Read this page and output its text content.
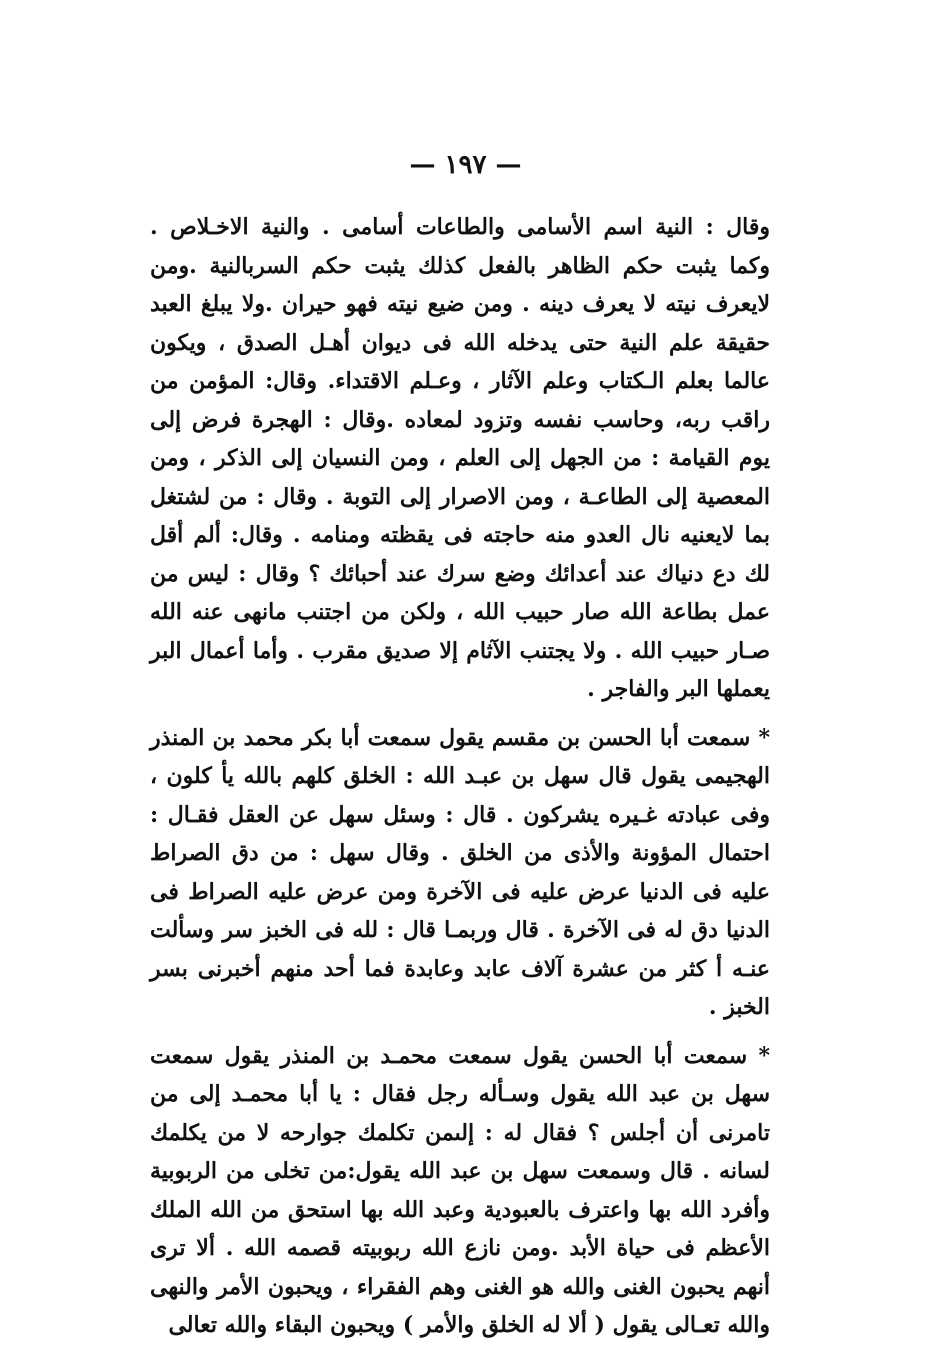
— ١٩٧ —

وقال : النية اسم الأسامى والطاعات أسامى . والنية الاخـلاص . وكما يثبت حكم الظاهر بالفعل كذلك يثبت حكم السربالنية .ومن لايعرف نيته لا يعرف دينه . ومن ضيع نيته فهو حيران .ولا يبلغ العبد حقيقة علم النية حتى يدخله الله فى ديوان أهـل الصدق ، ويكون عالما بعلم الـكتاب وعلم الآثار ، وعـلم الاقتداء. وقال: المؤمن من راقب ربه، وحاسب نفسه وتزود لمعاده .وقال : الهجرة فرض إلى يوم القيامة : من الجهل إلى العلم ، ومن النسيان إلى الذكر ، ومن المعصية إلى الطاعـة ، ومن الاصرار إلى التوبة . وقال : من لشتغل بما لايعنيه نال العدو منه حاجته فى يقظته ومنامه . وقال: ألم أقل لك دع دنياك عند أعدائك وضع سرك عند أحبائك ؟ وقال : ليس من عمل بطاعة الله صار حبيب الله ، ولكن من اجتنب مانهى عنه الله صـار حبيب الله . ولا يجتنب الآثام إلا صديق مقرب . وأما أعمال البر يعملها البر والفاجر .

* سمعت أبا الحسن بن مقسم يقول سمعت أبا بكر محمد بن المنذر الهجيمى يقول قال سهل بن عبـد الله : الخلق كلهم بالله يأ كلون ، وفى عبادته غـيره يشركون . قال : وسئل سهل عن العقل فقـال : احتمال المؤونة والأذى من الخلق . وقال سهل : من دق الصراط عليه فى الدنيا عرض عليه فى الآخرة ومن عرض عليه الصراط فى الدنيا دق له فى الآخرة . قال وربمـا قال : لله فى الخبز سر وسألت عنـه أ كثر من عشرة آلاف عابد وعابدة فما أحد منهم أخبرنى بسر الخبز .

* سمعت أبا الحسن يقول سمعت محمـد بن المنذر يقول سمعت سهل بن عبد الله يقول وسـأله رجل فقال : يا أبا محمـد إلى من تامرنى أن أجلس ؟ فقال له : إلىمن تكلمك جوارحه لا من يكلمك لسانه . قال وسمعت سهل بن عبد الله يقول:من تخلى من الربوبية وأفرد الله بها واعترف بالعبودية وعبد الله بها استحق من الله الملك الأعظم فى حياة الأبد .ومن نازع الله ربوبيته قصمه الله . ألا ترى أنهم يحبون الغنى والله هو الغنى وهم الفقراء ، ويحبون الأمر والنهى والله تعـالى يقول ( ألا له الخلق والأمر ) ويحبون البقاء والله تعالى
